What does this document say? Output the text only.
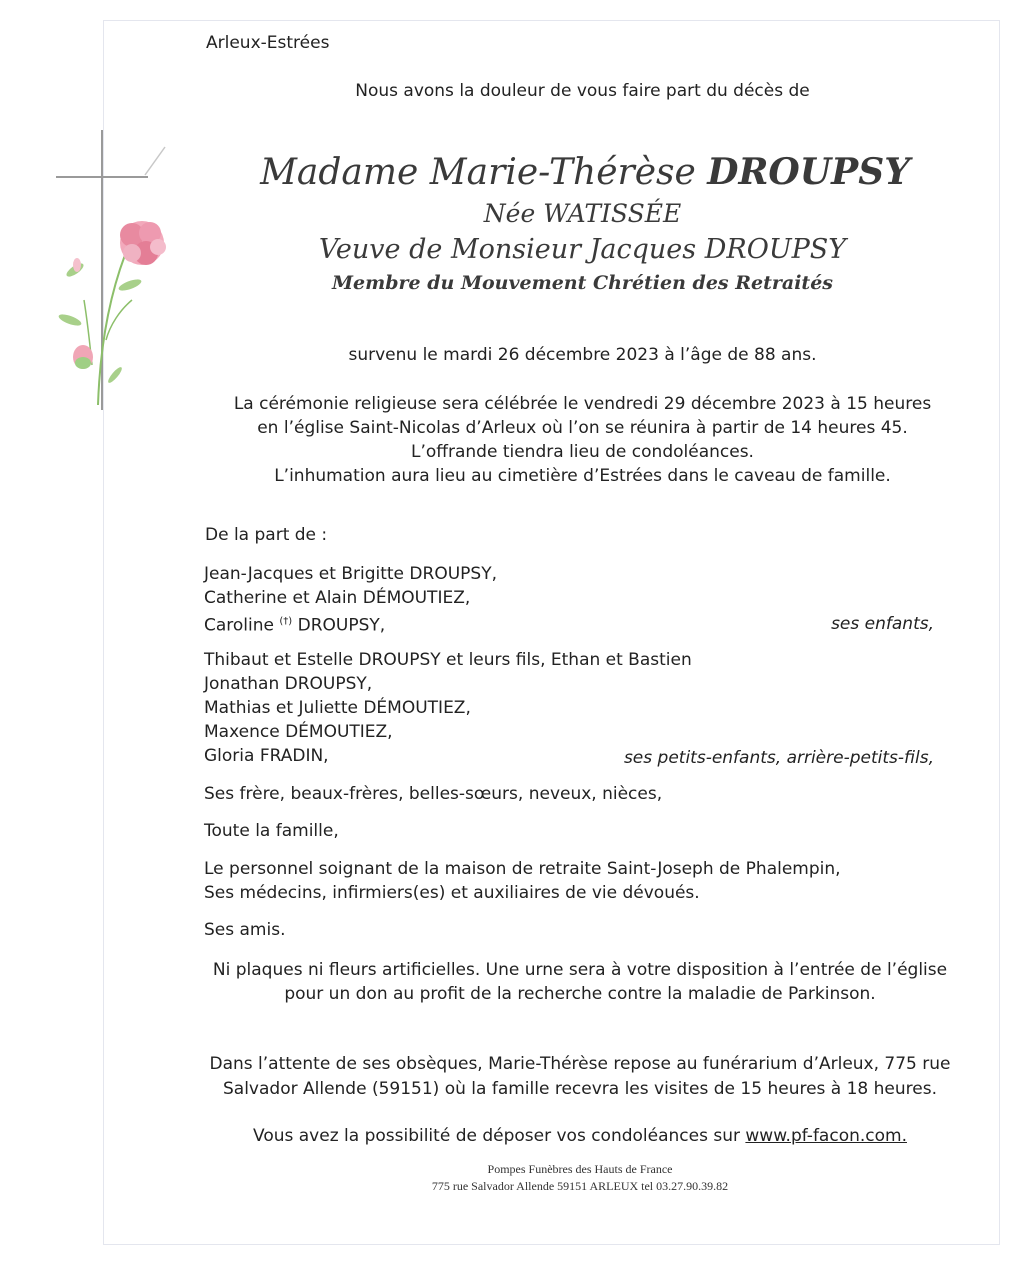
Arleux-Estrées
Nous avons la douleur de vous faire part du décès de
Madame Marie-Thérèse DROUPSY
Née WATISSÉE
Veuve de Monsieur Jacques DROUPSY
Membre du Mouvement Chrétien des Retraités
survenu le mardi 26 décembre 2023 à l’âge de 88 ans.
La cérémonie religieuse sera célébrée le vendredi 29 décembre 2023 à 15 heures
en l’église Saint-Nicolas d’Arleux où l’on se réunira à partir de 14 heures 45.
L’offrande tiendra lieu de condoléances.
L’inhumation aura lieu au cimetière d’Estrées dans le caveau de famille.
De la part de :
Jean-Jacques et Brigitte DROUPSY,
Catherine et Alain DÉMOUTIEZ,
Caroline (†) DROUPSY,	ses enfants,
Thibaut et Estelle DROUPSY et leurs fils, Ethan et Bastien
Jonathan DROUPSY,
Mathias et Juliette DÉMOUTIEZ,
Maxence DÉMOUTIEZ,
Gloria FRADIN,	ses petits-enfants, arrière-petits-fils,
Ses frère, beaux-frères, belles-sœurs, neveux, nièces,
Toute la famille,
Le personnel soignant de la maison de retraite Saint-Joseph de Phalempin,
Ses médecins, infirmiers(es) et auxiliaires de vie dévoués.
Ses amis.
Ni plaques ni fleurs artificielles. Une urne sera à votre disposition à l’entrée de l’église
pour un don au profit de la recherche contre la maladie de Parkinson.
Dans l’attente de ses obsèques, Marie-Thérèse repose au funérarium d’Arleux, 775 rue
Salvador Allende (59151) où la famille recevra les visites de 15 heures à 18 heures.
Vous avez la possibilité de déposer vos condoléances sur www.pf-facon.com.
Pompes Funèbres des Hauts de France
775 rue Salvador Allende 59151 ARLEUX tel 03.27.90.39.82
